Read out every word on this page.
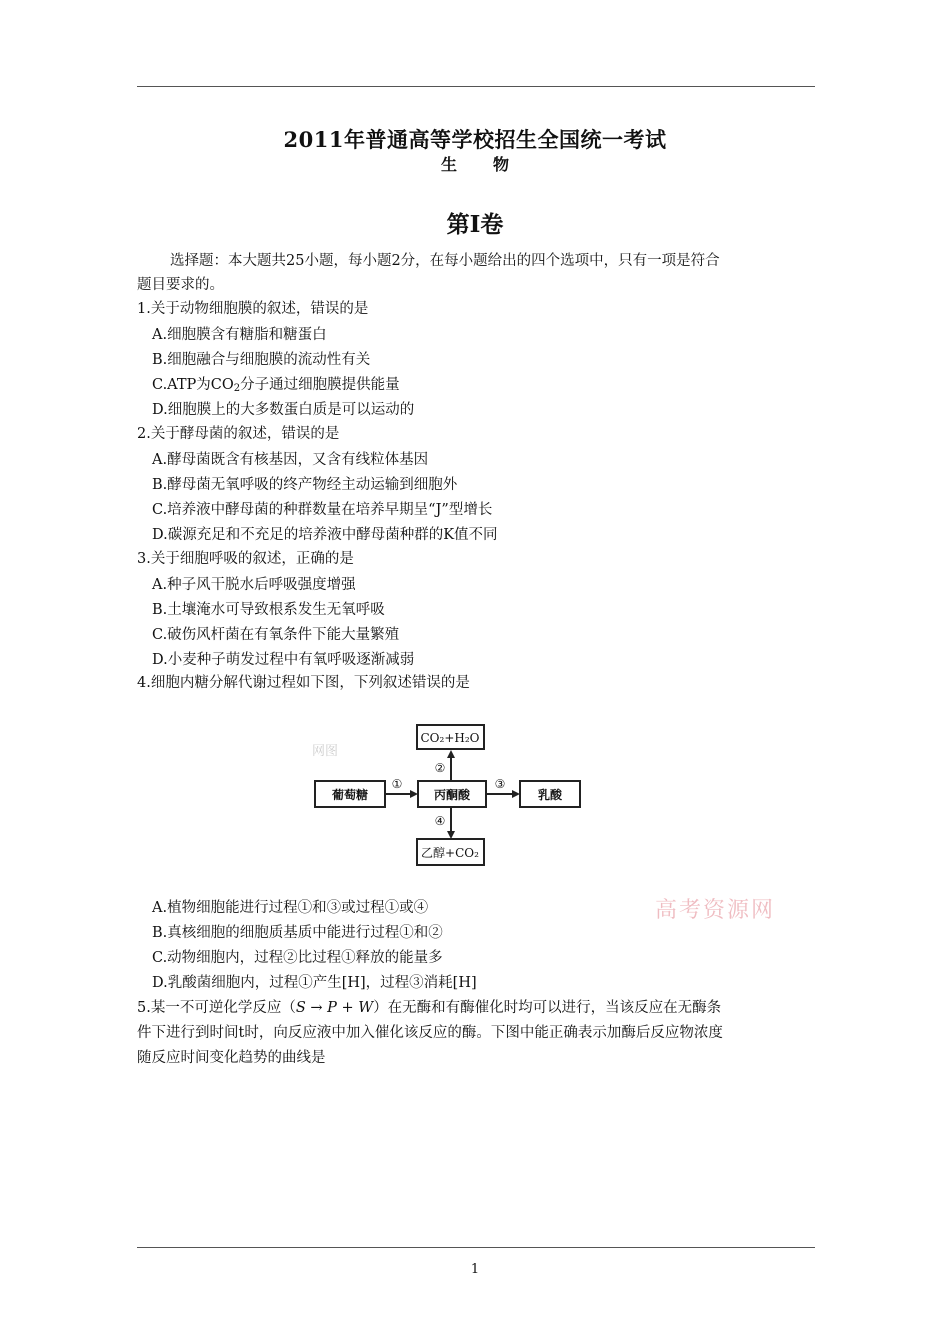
2011年普通高等学校招生全国统一考试
生物
第I卷
选择题：本大题共25小题，每小题2分，在每小题给出的四个选项中，只有一项是符合
题目要求的。
1.关于动物细胞膜的叙述，错误的是
A.细胞膜含有糖脂和糖蛋白
B.细胞融合与细胞膜的流动性有关
C.ATP为$CO_2$分子通过细胞膜提供能量
D.细胞膜上的大多数蛋白质是可以运动的
2.关于酵母菌的叙述，错误的是
A.酵母菌既含有核基因，又含有线粒体基因
B.酵母菌无氧呼吸的终产物经主动运输到细胞外
C.培养液中酵母菌的种群数量在培养早期呈“J”型增长
D.碳源充足和不充足的培养液中酵母菌种群的K值不同
3.关于细胞呼吸的叙述，正确的是
A.种子风干脱水后呼吸强度增强
B.土壤淹水可导致根系发生无氧呼吸
C.破伤风杆菌在有氧条件下能大量繁殖
D.小麦种子萌发过程中有氧呼吸逐渐减弱
4.细胞内糖分解代谢过程如下图，下列叙述错误的是
网图
CO₂+H₂O
葡萄糖	丙酮酸	乳酸
乙醇+CO₂
①
②
③
④
高考资源网
A.植物细胞能进行过程①和③或过程①或④
B.真核细胞的细胞质基质中能进行过程①和②
C.动物细胞内，过程②比过程①释放的能量多
D.乳酸菌细胞内，过程①产生[H]，过程③消耗[H]
5.某一不可逆化学反应（S → P + W）在无酶和有酶催化时均可以进行，当该反应在无酶条
件下进行到时间t时，向反应液中加入催化该反应的酶。下图中能正确表示加酶后反应物浓度
随反应时间变化趋势的曲线是
1
